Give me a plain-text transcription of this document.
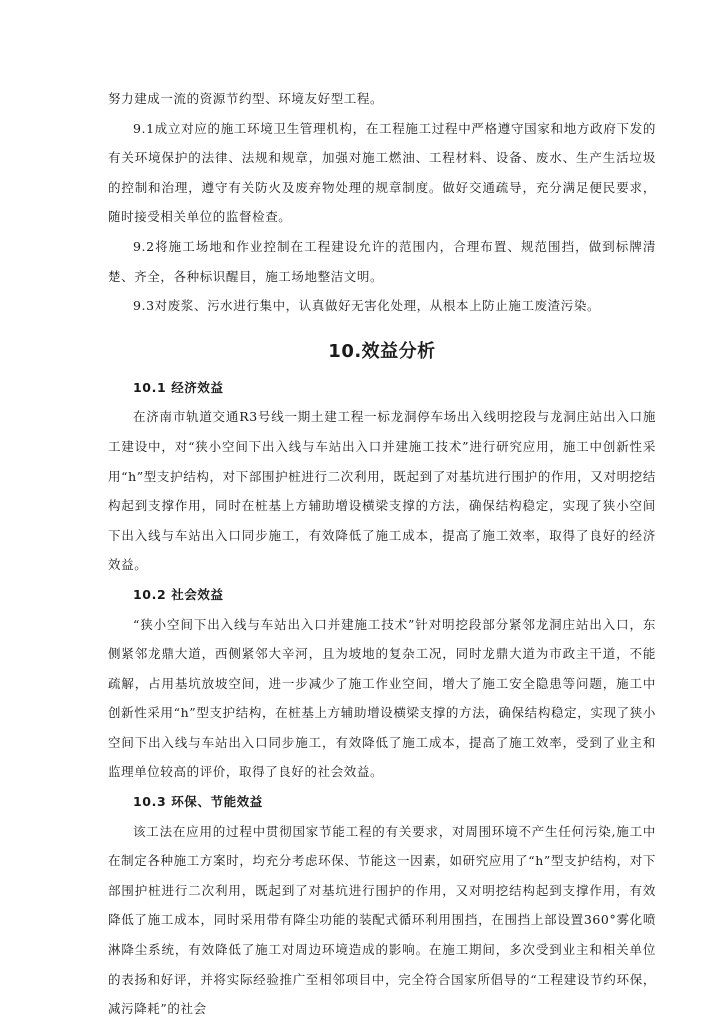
努力建成一流的资源节约型、环境友好型工程。

9.1成立对应的施工环境卫生管理机构，在工程施工过程中严格遵守国家和地方政府下发的有关环境保护的法律、法规和规章，加强对施工燃油、工程材料、设备、废水、生产生活垃圾的控制和治理，遵守有关防火及废弃物处理的规章制度。做好交通疏导，充分满足便民要求，随时接受相关单位的监督检查。

9.2将施工场地和作业控制在工程建设允许的范围内，合理布置、规范围挡，做到标牌清楚、齐全，各种标识醒目，施工场地整洁文明。

9.3对废浆、污水进行集中，认真做好无害化处理，从根本上防止施工废渣污染。

10.效益分析
10.1 经济效益

在济南市轨道交通R3号线一期土建工程一标龙洞停车场出入线明挖段与龙洞庄站出入口施工建设中，对“狭小空间下出入线与车站出入口并建施工技术”进行研究应用，施工中创新性采用“h”型支护结构，对下部围护桩进行二次利用，既起到了对基坑进行围护的作用，又对明挖结构起到支撑作用，同时在桩基上方辅助增设横梁支撑的方法，确保结构稳定，实现了狭小空间下出入线与车站出入口同步施工，有效降低了施工成本，提高了施工效率，取得了良好的经济效益。

10.2 社会效益

“狭小空间下出入线与车站出入口并建施工技术”针对明挖段部分紧邻龙洞庄站出入口，东侧紧邻龙鼎大道，西侧紧邻大辛河，且为坡地的复杂工况，同时龙鼎大道为市政主干道，不能疏解，占用基坑放坡空间，进一步减少了施工作业空间，增大了施工安全隐患等问题，施工中创新性采用“h”型支护结构，在桩基上方辅助增设横梁支撑的方法，确保结构稳定，实现了狭小空间下出入线与车站出入口同步施工，有效降低了施工成本，提高了施工效率，受到了业主和监理单位较高的评价，取得了良好的社会效益。

10.3 环保、节能效益

该工法在应用的过程中贯彻国家节能工程的有关要求，对周围环境不产生任何污染,施工中在制定各种施工方案时，均充分考虑环保、节能这一因素，如研究应用了“h”型支护结构，对下部围护桩进行二次利用，既起到了对基坑进行围护的作用，又对明挖结构起到支撑作用，有效降低了施工成本，同时采用带有降尘功能的装配式循环利用围挡，在围挡上部设置360°雾化喷淋降尘系统，有效降低了施工对周边环境造成的影响。在施工期间，多次受到业主和相关单位的表扬和好评，并将实际经验推广至相邻项目中，完全符合国家所倡导的“工程建设节约环保，减污降耗”的社会
